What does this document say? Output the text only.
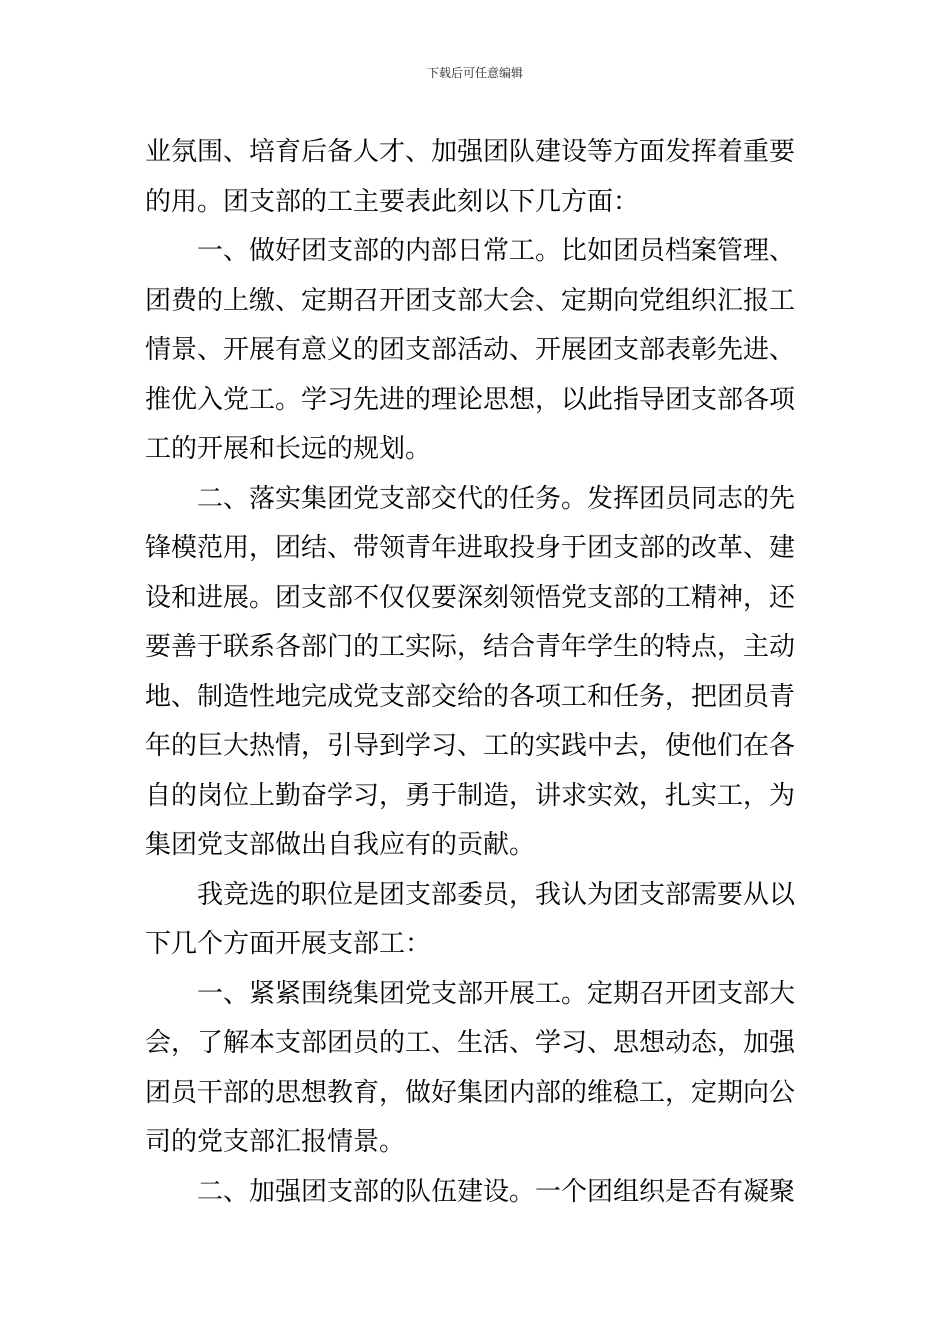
下载后可任意编辑
业氛围、培育后备人才、加强团队建设等方面发挥着重要
的用。团支部的工主要表此刻以下几方面：
　　一、做好团支部的内部日常工。比如团员档案管理、
团费的上缴、定期召开团支部大会、定期向党组织汇报工
情景、开展有意义的团支部活动、开展团支部表彰先进、
推优入党工。学习先进的理论思想，以此指导团支部各项
工的开展和长远的规划。
　　二、落实集团党支部交代的任务。发挥团员同志的先
锋模范用，团结、带领青年进取投身于团支部的改革、建
设和进展。团支部不仅仅要深刻领悟党支部的工精神，还
要善于联系各部门的工实际，结合青年学生的特点，主动
地、制造性地完成党支部交给的各项工和任务，把团员青
年的巨大热情，引导到学习、工的实践中去，使他们在各
自的岗位上勤奋学习，勇于制造，讲求实效，扎实工，为
集团党支部做出自我应有的贡献。
　　我竞选的职位是团支部委员，我认为团支部需要从以
下几个方面开展支部工：
　　一、紧紧围绕集团党支部开展工。定期召开团支部大
会，了解本支部团员的工、生活、学习、思想动态，加强
团员干部的思想教育，做好集团内部的维稳工，定期向公
司的党支部汇报情景。
　　二、加强团支部的队伍建设。一个团组织是否有凝聚
